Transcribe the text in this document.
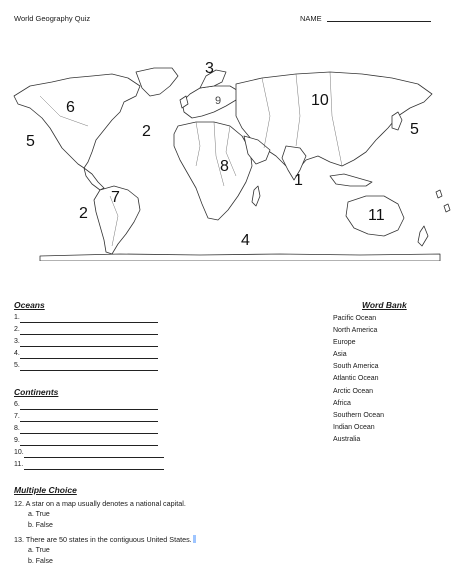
World Geography Quiz	NAME
3
6	9	10
5
2	5
8
1
7
2	11
4
Oceans
1.
2.
3.
4.
5.
Continents
6.
7.
8.
9.
10.
11.
Word Bank
Pacific Ocean
North America
Europe
Asia
South America
Atlantic Ocean
Arctic Ocean
Africa
Southern Ocean
Indian Ocean
Australia
Multiple Choice
12. A star on a map usually denotes a national capital.
a. True
b. False
13. There are 50 states in the contiguous United States.
a. True
b. False
